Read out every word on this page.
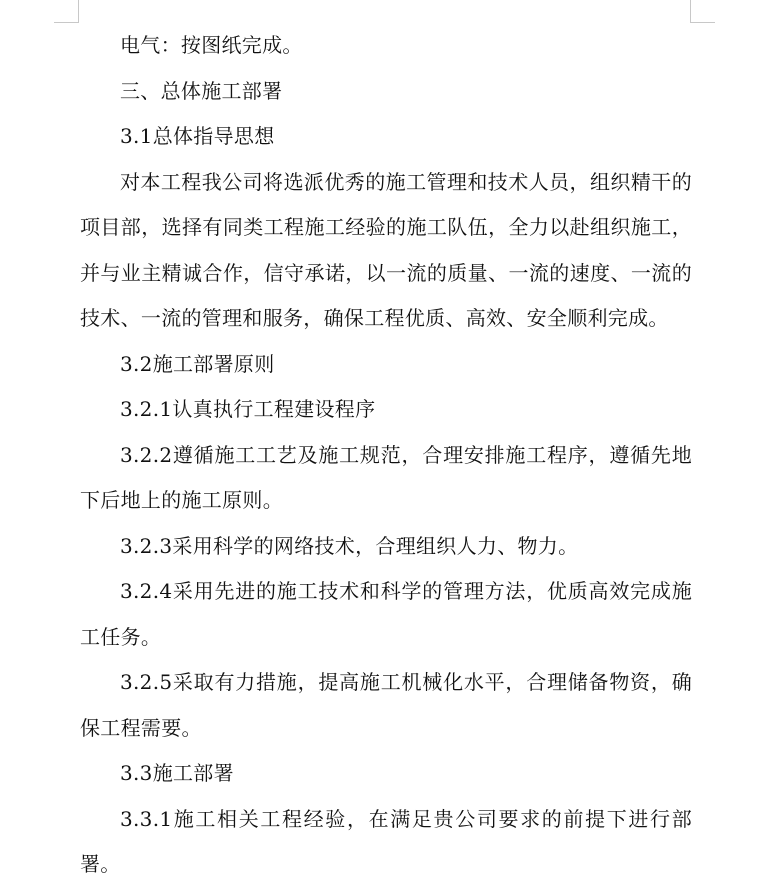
电气：按图纸完成。

三、总体施工部署

3.1总体指导思想

对本工程我公司将选派优秀的施工管理和技术人员，组织精干的项目部，选择有同类工程施工经验的施工队伍，全力以赴组织施工，并与业主精诚合作，信守承诺，以一流的质量、一流的速度、一流的技术、一流的管理和服务，确保工程优质、高效、安全顺利完成。

3.2施工部署原则

3.2.1认真执行工程建设程序

3.2.2遵循施工工艺及施工规范，合理安排施工程序，遵循先地下后地上的施工原则。

3.2.3采用科学的网络技术，合理组织人力、物力。

3.2.4采用先进的施工技术和科学的管理方法，优质高效完成施工任务。

3.2.5采取有力措施，提高施工机械化水平，合理储备物资，确保工程需要。

3.3施工部署

3.3.1施工相关工程经验，在满足贵公司要求的前提下进行部署。
